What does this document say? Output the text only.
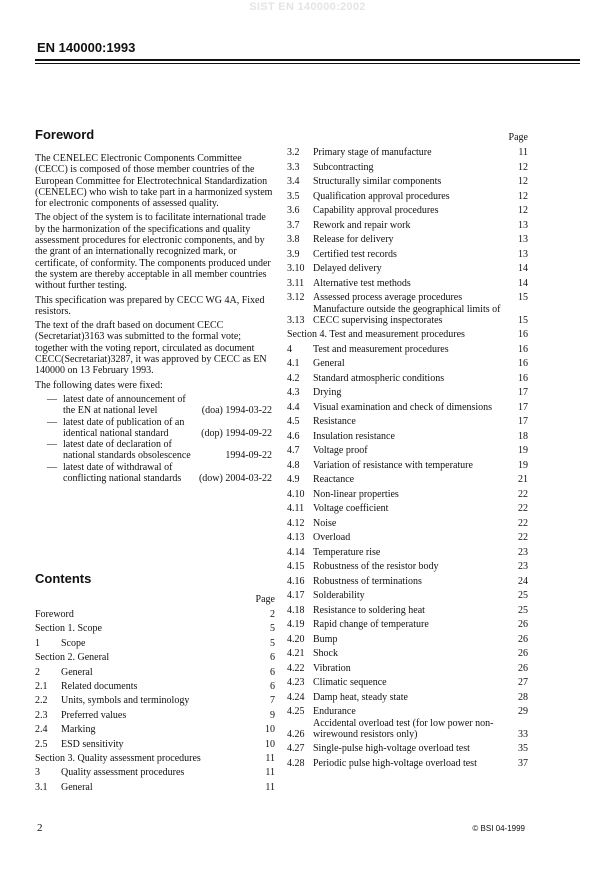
SIST EN 140000:2002
EN 140000:1993
Foreword

The CENELEC Electronic Components Committee (CECC) is composed of those member countries of the European Committee for Electrotechnical Standardization (CENELEC) who wish to take part in a harmonized system for electronic components of assessed quality.

The object of the system is to facilitate international trade by the harmonization of the specifications and quality assessment procedures for electronic components, and by the grant of an internationally recognized mark, or certificate, of conformity. The components produced under the system are thereby acceptable in all member countries without further testing.

This specification was prepared by CECC WG 4A, Fixed resistors.

The text of the draft based on document CECC (Secretariat)3163 was submitted to the formal vote; together with the voting report, circulated as document CECC(Secretariat)3287, it was approved by CECC as EN 140000 on 13 February 1993.

The following dates were fixed:

— latest date of announcement of the EN at national level	(doa) 1994-03-22
— latest date of publication of an identical national standard	(dop) 1994-09-22
— latest date of declaration of national standards obsolescence	1994-09-22
— latest date of withdrawal of conflicting national standards	(dow) 2004-03-22
Contents
Page
Foreword	2
Section 1. Scope	5
1	Scope	5
Section 2. General	6
2	General	6
2.1	Related documents	6
2.2	Units, symbols and terminology	7
2.3	Preferred values	9
2.4	Marking	10
2.5	ESD sensitivity	10
Section 3. Quality assessment procedures	11
3	Quality assessment procedures	11
3.1	General	11
Page
3.2	Primary stage of manufacture	11
3.3	Subcontracting	12
3.4	Structurally similar components	12
3.5	Qualification approval procedures	12
3.6	Capability approval procedures	12
3.7	Rework and repair work	13
3.8	Release for delivery	13
3.9	Certified test records	13
3.10 Delayed delivery	14
3.11 Alternative test methods	14
3.12 Assessed process average procedures	15
3.13
Manufacture outside the geographical limits of CECC supervising inspectorates	15
Section 4. Test and measurement procedures	16
4	Test and measurement procedures	16
4.1	General	16
4.2	Standard atmospheric conditions	16
4.3	Drying	17
4.4	Visual examination and check of dimensions	17
4.5	Resistance	17
4.6	Insulation resistance	18
4.7	Voltage proof	19
4.8	Variation of resistance with temperature	19
4.9	Reactance	21
4.10 Non-linear properties	22
4.11 Voltage coefficient	22
4.12 Noise	22
4.13 Overload	22
4.14 Temperature rise	23
4.15 Robustness of the resistor body	23
4.16 Robustness of terminations	24
4.17 Solderability	25
4.18 Resistance to soldering heat	25
4.19 Rapid change of temperature	26
4.20 Bump	26
4.21 Shock	26
4.22 Vibration	26
4.23 Climatic sequence	27
4.24 Damp heat, steady state	28
4.25 Endurance	29
4.26
Accidental overload test (for low power non-wirewound resistors only)	33
4.27 Single-pulse high-voltage overload test	35
4.28 Periodic pulse high-voltage overload test	37
2	© BSI 04-1999
